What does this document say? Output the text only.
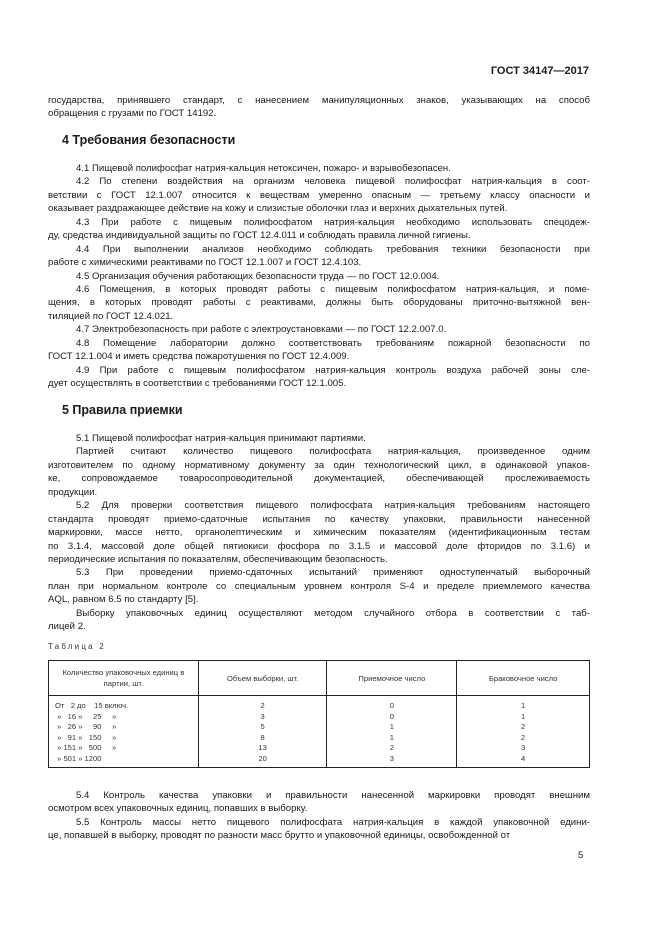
ГОСТ 34147—2017
государства, принявшего стандарт, с нанесением манипуляционных знаков, указывающих на способ
обращения с грузами по ГОСТ 14192.
4 Требования безопасности
4.1 Пищевой полифосфат натрия-кальция нетоксичен, пожаро- и взрывобезопасен.
4.2 По степени воздействия на организм человека пищевой полифосфат натрия-кальция в соот-
ветствии с ГОСТ 12.1.007 относится к веществам умеренно опасным — третьему классу опасности и
оказывает раздражающее действие на кожу и слизистые оболочки глаз и верхних дыхательных путей.
4.3 При работе с пищевым полифосфатом натрия-кальция необходимо использовать спецодеж-
ду, средства индивидуальной защиты по ГОСТ 12.4.011 и соблюдать правила личной гигиены.
4.4 При выполнении анализов необходимо соблюдать требования техники безопасности при
работе с химическими реактивами по ГОСТ 12.1.007 и ГОСТ 12.4.103.
4.5 Организация обучения работающих безопасности труда — по ГОСТ 12.0.004.
4.6 Помещения, в которых проводят работы с пищевым полифосфатом натрия-кальция, и поме-
щения, в которых проводят работы с реактивами, должны быть оборудованы приточно-вытяжной вен-
тиляцией по ГОСТ 12.4.021.
4.7 Электробезопасность при работе с электроустановками — по ГОСТ 12.2.007.0.
4.8 Помещение лаборатории должно соответствовать требованиям пожарной безопасности по
ГОСТ 12.1.004 и иметь средства пожаротушения по ГОСТ 12.4.009.
4.9 При работе с пищевым полифосфатом натрия-кальция контроль воздуха рабочей зоны сле-
дует осуществлять в соответствии с требованиями ГОСТ 12.1.005.
5 Правила приемки
5.1 Пищевой полифосфат натрия-кальция принимают партиями.
Партией считают количество пищевого полифосфата натрия-кальция, произведенное одним
изготовителем по одному нормативному документу за один технологический цикл, в одинаковой упаков-
ке, сопровождаемое товаросопроводительной документацией, обеспечивающей прослеживаемость
продукции.
5.2 Для проверки соответствия пищевого полифосфата натрия-кальция требованиям настоящего
стандарта проводят приемо-сдаточные испытания по качеству упаковки, правильности нанесенной
маркировки, массе нетто, органолептическим и химическим показателям (идентификационным тестам
по 3.1.4, массовой доле общей пятиокиси фосфора по 3.1.5 и массовой доле фторидов по 3.1.6) и
периодические испытания по показателям, обеспечивающим безопасность.
5.3 При проведении приемо-сдаточных испытаний применяют одноступенчатый выборочный
план при нормальном контроле со специальным уровнем контроля S-4 и пределе приемлемого качества
AQL, равном 6.5 по стандарту [5].
Выборку упаковочных единиц осуществляют методом случайного отбора в соответствии с таб-
лицей 2.
Таблица 2
Количество упаковочных единиц в партии, шт.	Объем выборки, шт.	Приемочное число	Браковочное число
От   2 до    15 включ.	2	0	1
»   16 »     25     »	3	0	1
»   26 »     90     »	5	1	2
»   91 »   150     »	8	1	2
» 151 »   500     »	13	2	3
» 501 » 1200	20	3	4
5.4 Контроль качества упаковки и правильности нанесенной маркировки проводят внешним
осмотром всех упаковочных единиц, попавших в выборку.
5.5 Контроль массы нетто пищевого полифосфата натрия-кальция в каждой упаковочной едини-
це, попавшей в выборку, проводят по разности масс брутто и упаковочной единицы, освобожденной от
5
